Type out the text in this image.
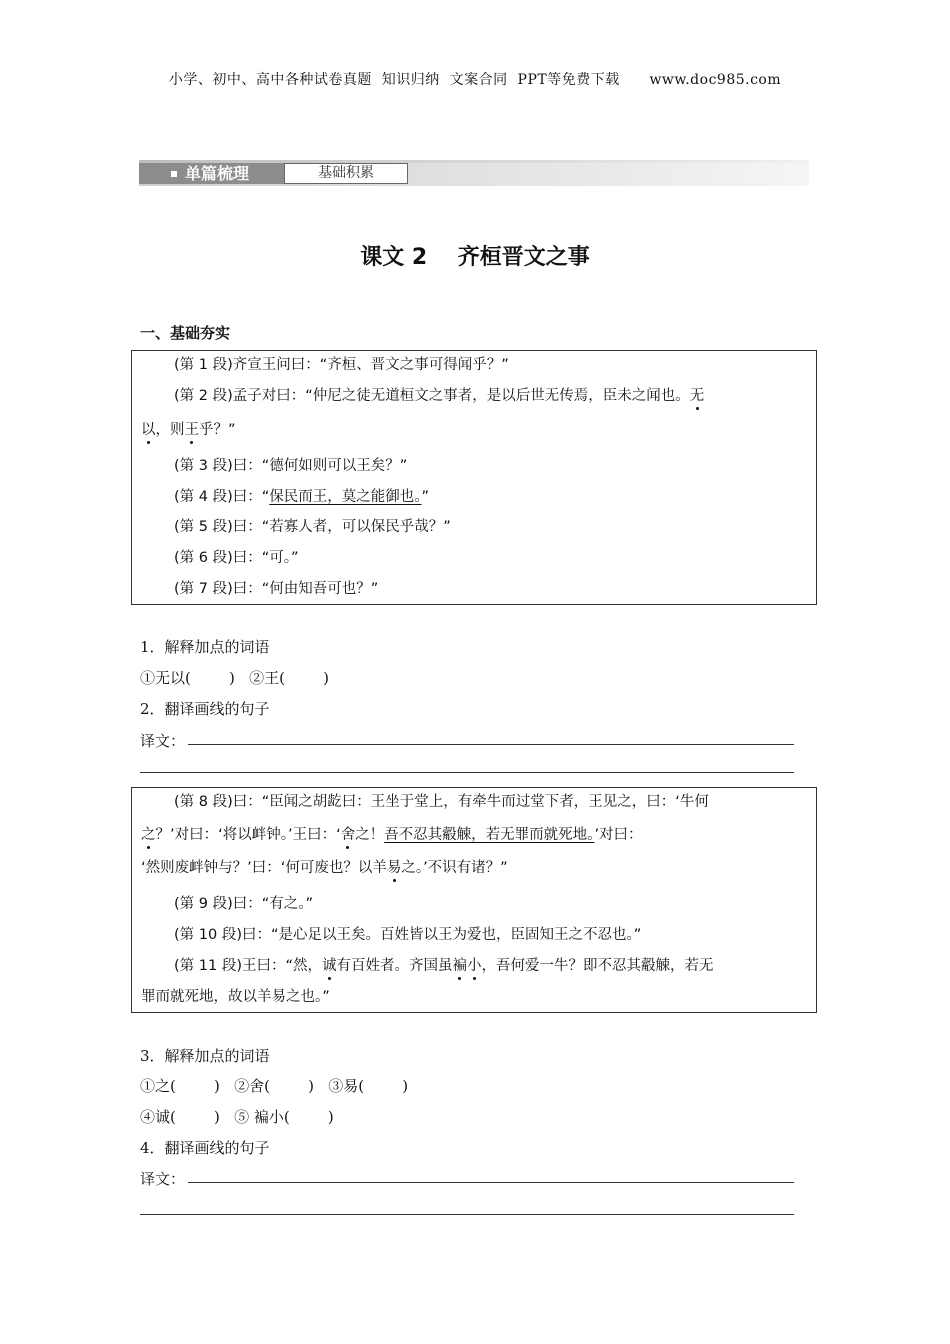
小学、初中、高中各种试卷真题  知识归纳  文案合同  PPT等免费下载      www.doc985.com
单篇梳理	基础积累
课文 2    齐桓晋文之事
一、基础夯实
(第 1 段)齐宣王问曰：“齐桓、晋文之事可得闻乎？”
(第 2 段)孟子对曰：“仲尼之徒无道桓文之事者，是以后世无传焉，臣未之闻也。无
以，则王乎？”
(第 3 段)曰：“德何如则可以王矣？”
(第 4 段)曰：“保民而王，莫之能御也。”
(第 5 段)曰：“若寡人者，可以保民乎哉？”
(第 6 段)曰：“可。”
(第 7 段)曰：“何由知吾可也？”
1．解释加点的词语
①无以(        )   ②王(        )
2．翻译画线的句子
译文：
(第 8 段)曰：“臣闻之胡龁曰：王坐于堂上，有牵牛而过堂下者，王见之，曰：‘牛何
之？’对曰：‘将以衅钟。’王曰：‘舍之！吾不忍其觳觫，若无罪而就死地。’对曰：
‘然则废衅钟与？’曰：‘何可废也？以羊易之。’不识有诸？”
(第 9 段)曰：“有之。”
(第 10 段)曰：“是心足以王矣。百姓皆以王为爱也，臣固知王之不忍也。”
(第 11 段)王曰：“然，诚有百姓者。齐国虽褊小，吾何爱一牛？即不忍其觳觫，若无
罪而就死地，故以羊易之也。”
3．解释加点的词语
①之(        )   ②舍(        )   ③易(        )
④诚(        )   ⑤ 褊小(        )
4．翻译画线的句子
译文：
